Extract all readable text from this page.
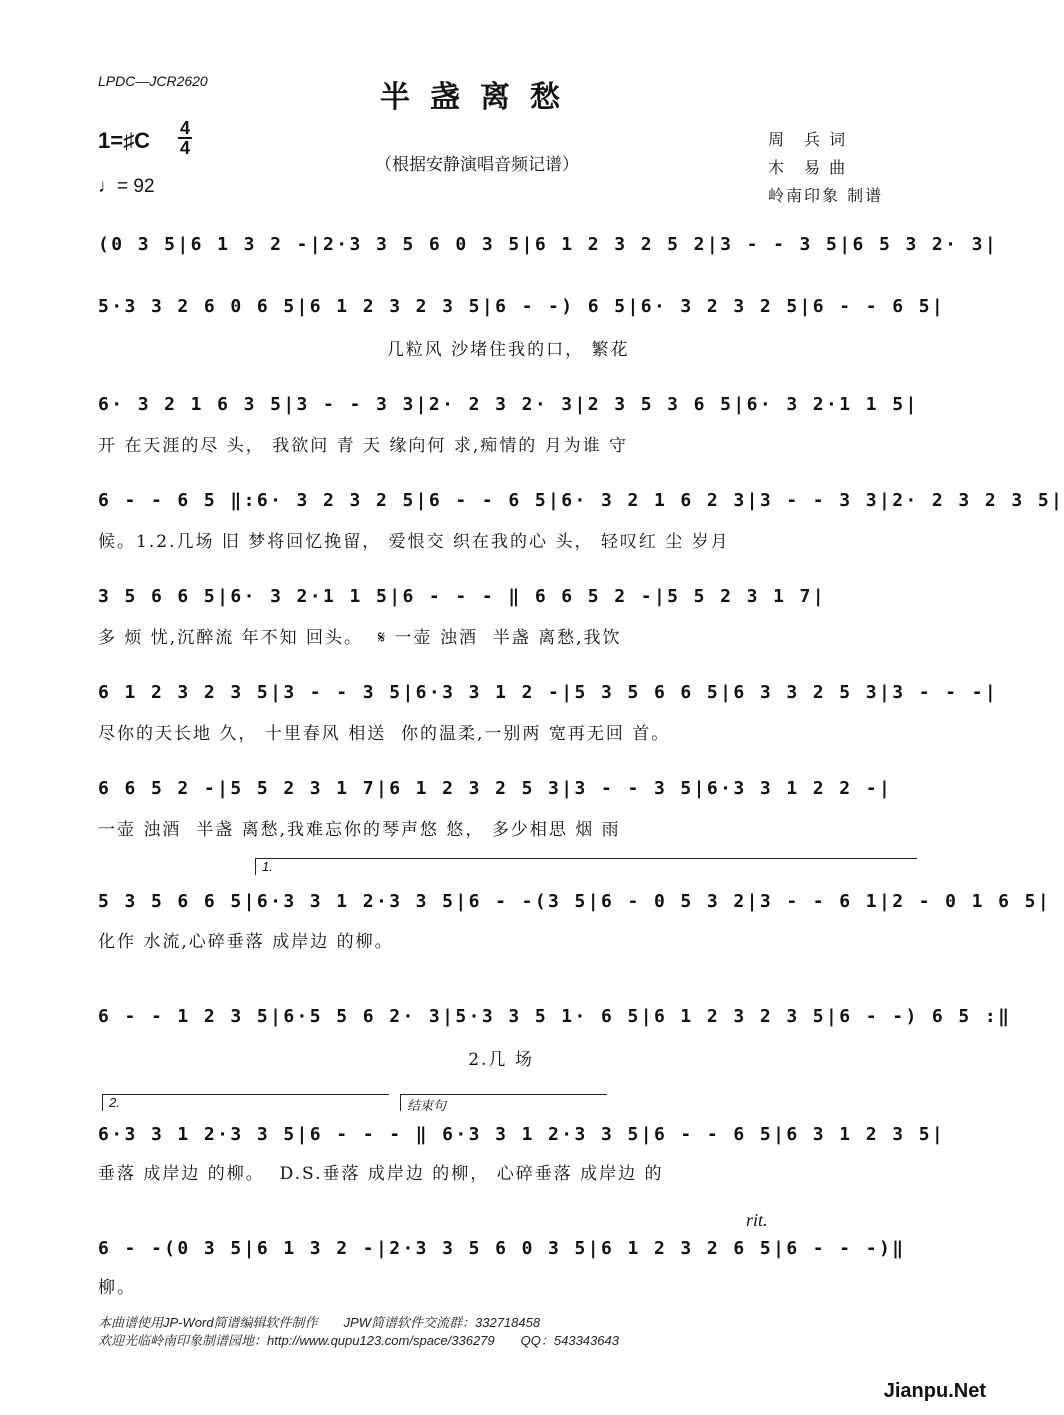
LPDC—JCR2620	半盏离愁
（根据安静演唱音频记谱）
1=♯C 4
4
♩= 92
周　兵 词
木　易 曲
岭南印象 制谱
(0 3 5|6 1 3 2 -|2·3 3 5 6 0 3 5|6 1 2 3 2 5 2|3 - - 3 5|6 5 3 2· 3|
5·3 3 2 6 0 6 5|6 1 2 3 2 3 5|6 - -) 6 5|6· 3 2 3 2 5|6 - - 6 5|
几粒风 沙堵住我的口， 繁花
6· 3 2 1 6 3 5|3 - - 3 3|2· 2 3 2· 3|2 3 5 3 6 5|6· 3 2·1 1 5|
开 在天涯的尽 头， 我欲问 青 天 缘向何 求,痴情的 月为谁 守
6 - - 6 5 ‖:6· 3 2 3 2 5|6 - - 6 5|6· 3 2 1 6 2 3|3 - - 3 3|2· 2 3 2 3 5|
候。1.2.几场 旧 梦将回忆挽留， 爱恨交 织在我的心 头， 轻叹红 尘 岁月
3 5 6 6 5|6· 3 2·1 1 5|6 - - - ‖ 6 6 5 2 -|5 5 2 3 1 7|
多 烦 忧,沉醉流 年不知 回头。  𝄋 一壶 浊酒  半盏 离愁,我饮
6 1 2 3 2 3 5|3 - - 3 5|6·3 3 1 2 -|5 3 5 6 6 5|6 3 3 2 5 3|3 - - -|
尽你的天长地 久， 十里春风 相送  你的温柔,一别两 宽再无回 首。
6 6 5 2 -|5 5 2 3 1 7|6 1 2 3 2 5 3|3 - - 3 5|6·3 3 1 2 2 -|
一壶 浊酒  半盏 离愁,我难忘你的琴声悠 悠， 多少相思 烟 雨
1.
5 3 5 6 6 5|6·3 3 1 2·3 3 5|6 - -(3 5|6 - 0 5 3 2|3 - - 6 1|2 - 0 1 6 5|
化作 水流,心碎垂落 成岸边 的柳。
6 - - 1 2 3 5|6·5 5 6 2· 3|5·3 3 5 1· 6 5|6 1 2 3 2 3 5|6 - -) 6 5 :‖
2.几 场
2.	结束句
6·3 3 1 2·3 3 5|6 - - - ‖ 6·3 3 1 2·3 3 5|6 - - 6 5|6 3 1 2 3 5|
垂落 成岸边 的柳。  D.S.垂落 成岸边 的柳， 心碎垂落 成岸边 的
rit.
6 - -(0 3 5|6 1 3 2 -|2·3 3 5 6 0 3 5|6 1 2 3 2 6 5|6 - - -)‖
柳。
本曲谱使用JP-Word简谱编辑软件制作　　JPW简谱软件交流群：332718458
欢迎光临岭南印象制谱园地：http://www.qupu123.com/space/336279　　QQ：543343643
Jianpu.Net
